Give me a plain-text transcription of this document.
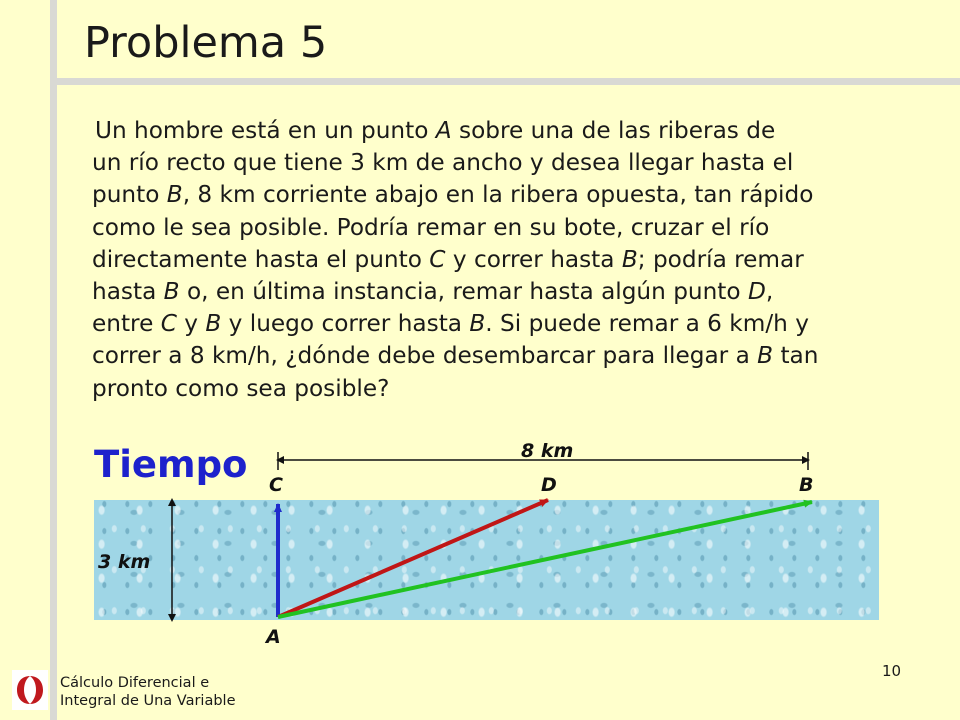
Problema 5

Un hombre está en un punto A sobre una de las riberas de

un río recto que tiene 3 km de ancho y desea llegar hasta el

punto B, 8 km corriente abajo en la ribera opuesta, tan rápido

como le sea posible. Podría remar en su bote, cruzar el río

directamente hasta el punto C y correr hasta B; podría remar

hasta B o, en última instancia, remar hasta algún punto D,

entre C y B y luego correr hasta B. Si puede remar a 6 km/h y

correr a 8 km/h, ¿dónde debe desembarcar para llegar a B tan

pronto como sea posible?

Tiempo	8 km
3 km
C	D	B
A
Cálculo Diferencial e
Integral de Una Variable
10
